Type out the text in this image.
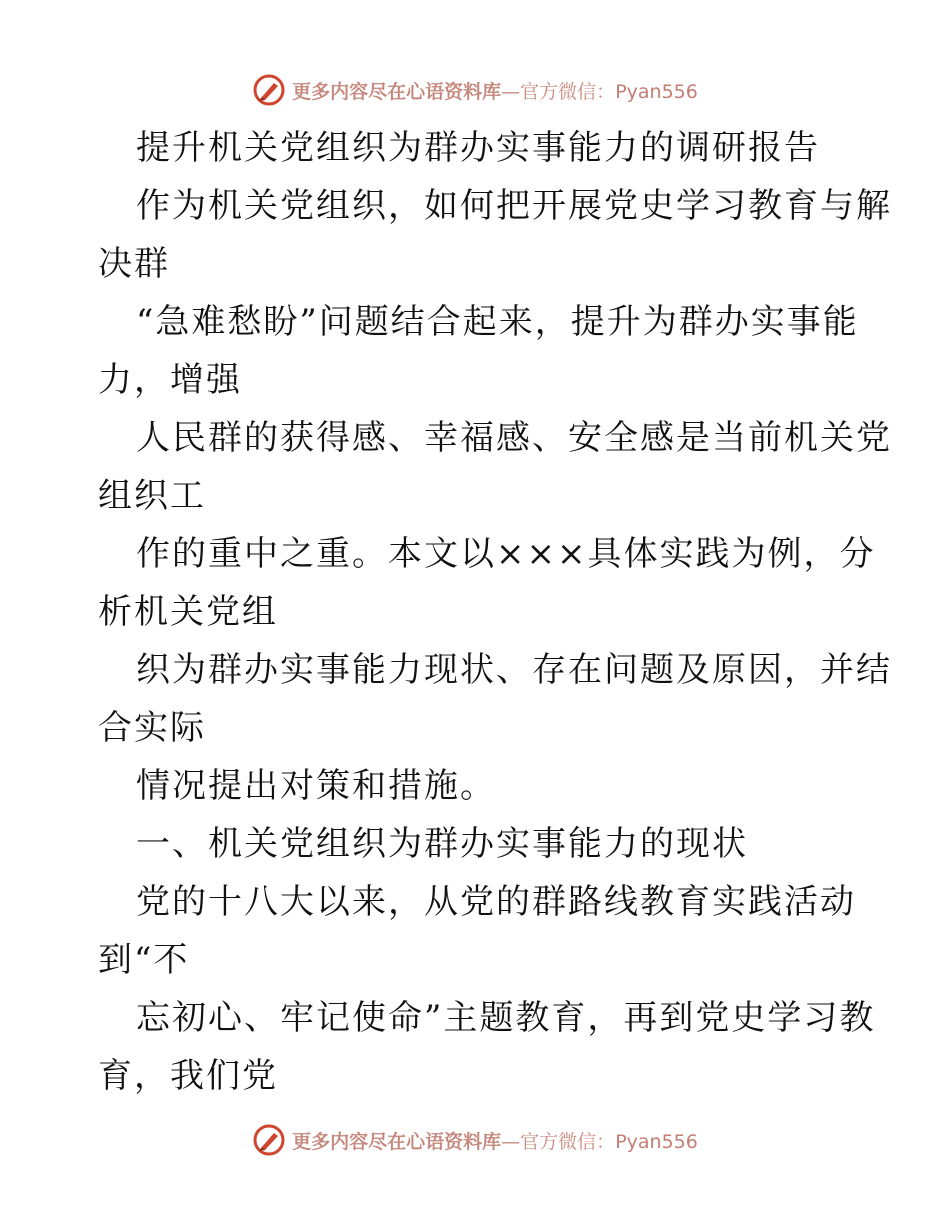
更多内容尽在心语资料库—官方微信：Pyan556
提升机关党组织为群办实事能力的调研报告
作为机关党组织，如何把开展党史学习教育与解
决群
“急难愁盼”问题结合起来，提升为群办实事能
力，增强
人民群的获得感、幸福感、安全感是当前机关党
组织工
作的重中之重。本文以×××具体实践为例，分
析机关党组
织为群办实事能力现状、存在问题及原因，并结
合实际
情况提出对策和措施。
一、机关党组织为群办实事能力的现状
党的十八大以来，从党的群路线教育实践活动
到“不
忘初心、牢记使命”主题教育，再到党史学习教
育，我们党
更多内容尽在心语资料库—官方微信：Pyan556
